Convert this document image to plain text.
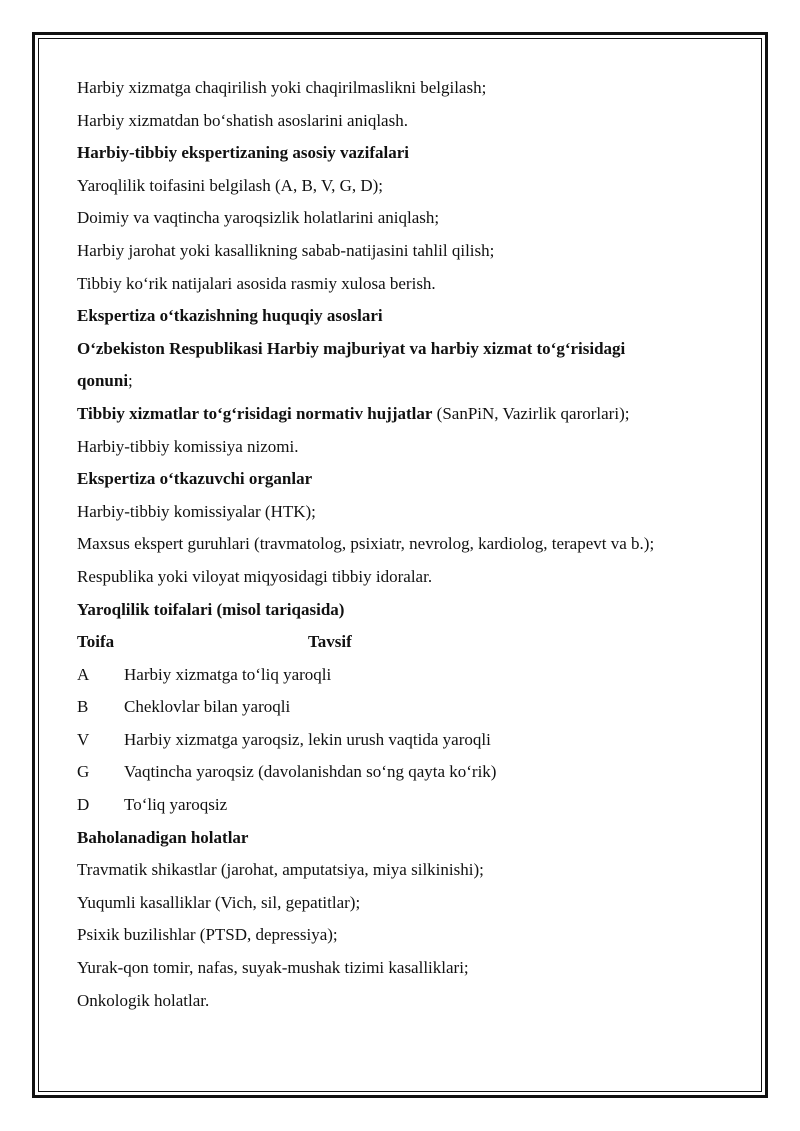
Harbiy xizmatga chaqirilish yoki chaqirilmaslikni belgilash;
Harbiy xizmatdan bo‘shatish asoslarini aniqlash.
Harbiy-tibbiy ekspertizaning asosiy vazifalari
Yaroqlilik toifasini belgilash (A, B, V, G, D);
Doimiy va vaqtincha yaroqsizlik holatlarini aniqlash;
Harbiy jarohat yoki kasallikning sabab-natijasini tahlil qilish;
Tibbiy ko‘rik natijalari asosida rasmiy xulosa berish.
Ekspertiza o‘tkazishning huquqiy asoslari
O‘zbekiston Respublikasi Harbiy majburiyat va harbiy xizmat to‘g‘risidagi
qonuni;
Tibbiy xizmatlar to‘g‘risidagi normativ hujjatlar (SanPiN, Vazirlik qarorlari);
Harbiy-tibbiy komissiya nizomi.
Ekspertiza o‘tkazuvchi organlar
Harbiy-tibbiy komissiyalar (HTK);
Maxsus ekspert guruhlari (travmatolog, psixiatr, nevrolog, kardiolog, terapevt va b.);
Respublika yoki viloyat miqyosidagi tibbiy idoralar.
Yaroqlilik toifalari (misol tariqasida)
Toifa	Tavsif
A Harbiy xizmatga to‘liq yaroqli
B Cheklovlar bilan yaroqli
V Harbiy xizmatga yaroqsiz, lekin urush vaqtida yaroqli
G Vaqtincha yaroqsiz (davolanishdan so‘ng qayta ko‘rik)
D To‘liq yaroqsiz
Baholanadigan holatlar
Travmatik shikastlar (jarohat, amputatsiya, miya silkinishi);
Yuqumli kasalliklar (Vich, sil, gepatitlar);
Psixik buzilishlar (PTSD, depressiya);
Yurak-qon tomir, nafas, suyak-mushak tizimi kasalliklari;
Onkologik holatlar.
